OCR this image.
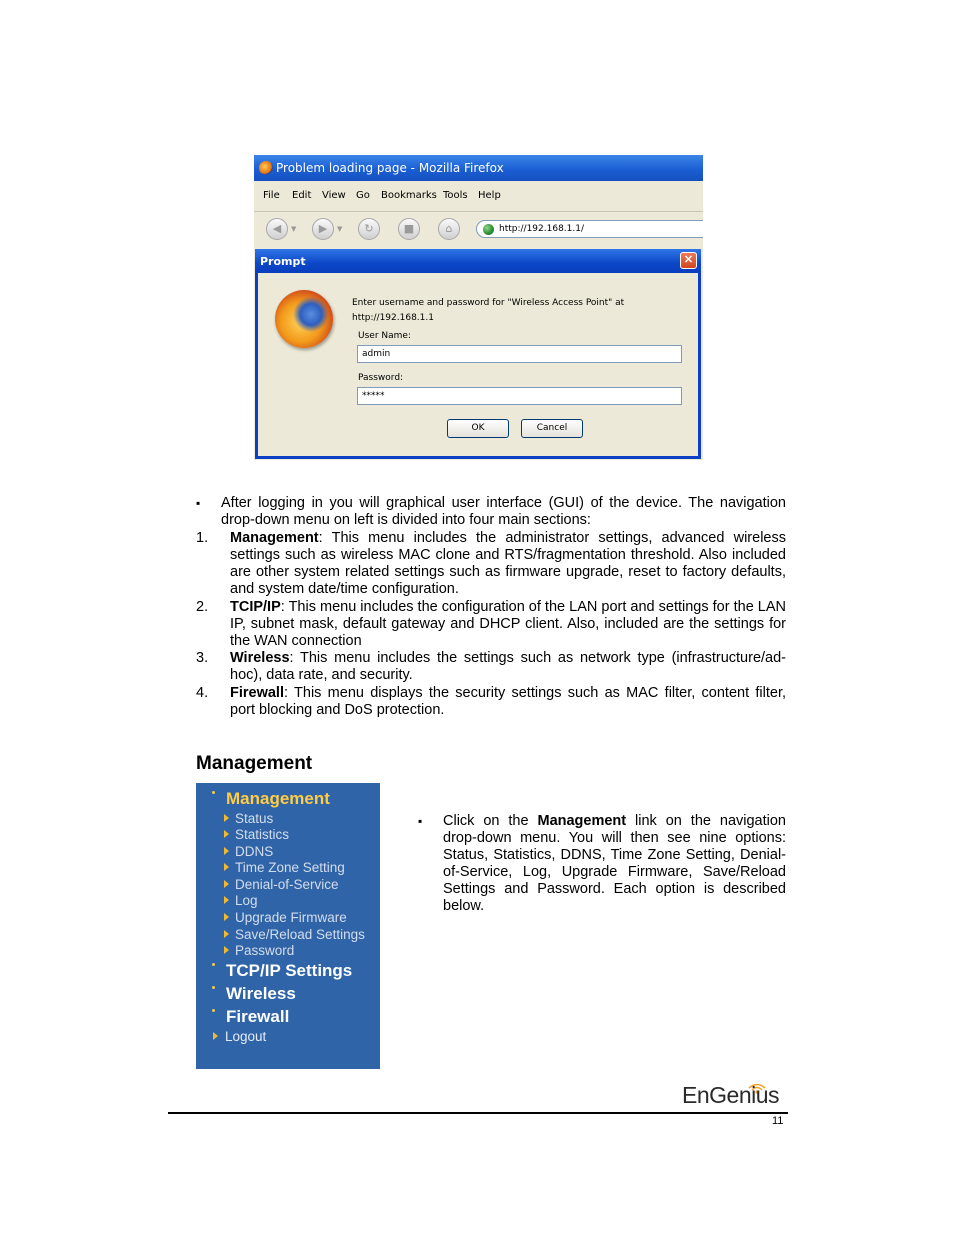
Problem loading page - Mozilla Firefox
File Edit View Go Bookmarks Tools Help
◀	▼	▶	▼	↻	■	⌂	http://192.168.1.1/
Prompt	✕
Enter username and password for "Wireless Access Point" at http://192.168.1.1
User Name:
admin
Password:
*****
OK	Cancel
▪ After logging in you will graphical user interface (GUI) of the device. The navigation drop-down menu on left is divided into four main sections:
1. Management: This menu includes the administrator settings, advanced wireless settings such as wireless MAC clone and RTS/fragmentation threshold. Also included are other system related settings such as firmware upgrade, reset to factory defaults, and system date/time configuration.
2. TCIP/IP: This menu includes the configuration of the LAN port and settings for the LAN IP, subnet mask, default gateway and DHCP client. Also, included are the settings for the WAN connection
3. Wireless: This menu includes the settings such as network type (infrastructure/ad-hoc), data rate, and security.
4. Firewall: This menu displays the security settings such as MAC filter, content filter, port blocking and DoS protection.
Management
Management
Status
Statistics
DDNS
Time Zone Setting
Denial-of-Service
Log
Upgrade Firmware
Save/Reload Settings
Password
TCP/IP Settings
Wireless
Firewall
Logout
▪ Click on the Management link on the navigation drop-down menu. You will then see nine options: Status, Statistics, DDNS, Time Zone Setting, Denial-of-Service, Log, Upgrade Firmware, Save/Reload Settings and Password. Each option is described below.
EnGenius
11
